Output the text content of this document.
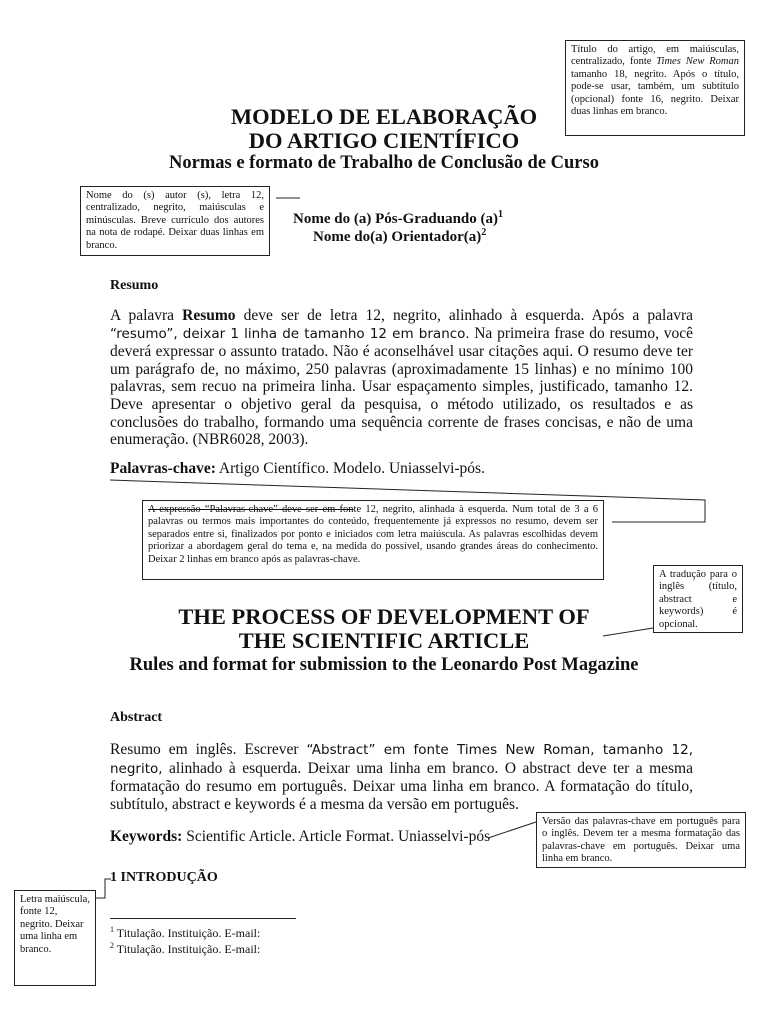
Título do artigo, em maiúsculas, centralizado, fonte Times New Roman tamanho 18, negrito. Após o título, pode-se usar, também, um subtítulo (opcional) fonte 16, negrito. Deixar duas linhas em branco.
MODELO DE ELABORAÇÃO
DO ARTIGO CIENTÍFICO
Normas e formato de Trabalho de Conclusão de Curso
Nome do (s) autor (s), letra 12, centralizado, negrito, maiúsculas e minúsculas. Breve currículo dos autores na nota de rodapé. Deixar duas linhas em branco.
Nome do (a) Pós-Graduando $(a)^1$
Nome do(a) $Orientador(a)^2$
Resumo
A palavra Resumo deve ser de letra 12, negrito, alinhado à esquerda. Após a palavra “resumo”, deixar 1 linha de tamanho 12 em branco. Na primeira frase do resumo, você deverá expressar o assunto tratado. Não é aconselhável usar citações aqui. O resumo deve ter um parágrafo de, no máximo, 250 palavras (aproximadamente 15 linhas) e no mínimo 100 palavras, sem recuo na primeira linha. Usar espaçamento simples, justificado, tamanho 12. Deve apresentar o objetivo geral da pesquisa, o método utilizado, os resultados e as conclusões do trabalho, formando uma sequência corrente de frases concisas, e não de uma enumeração. (NBR6028, 2003).
Palavras-chave: Artigo Científico. Modelo. Uniasselvi-pós.
A expressão “Palavras-chave” deve ser em fonte 12, negrito, alinhada à esquerda. Num total de 3 a 6 palavras ou termos mais importantes do conteúdo, frequentemente já expressos no resumo, devem ser separados entre si, finalizados por ponto e iniciados com letra maiúscula. As palavras escolhidas devem priorizar a abordagem geral do tema e, na medida do possível, usando grandes áreas do conhecimento. Deixar 2 linhas em branco após as palavras-chave.
A tradução para o inglês (título, abstract e keywords) é opcional.
THE PROCESS OF DEVELOPMENT OF
THE SCIENTIFIC ARTICLE
Rules and format for submission to the Leonardo Post Magazine
Abstract
Resumo em inglês. Escrever “Abstract” em fonte Times New Roman, tamanho 12, negrito, alinhado à esquerda. Deixar uma linha em branco. O abstract deve ter a mesma formatação do resumo em português. Deixar uma linha em branco. A formatação do título, subtítulo, abstract e keywords é a mesma da versão em português.
Versão das palavras-chave em português para o inglês. Devem ter a mesma formatação das palavras-chave em português. Deixar uma linha em branco.
Keywords: Scientific Article. Article Format. Uniasselvi-pós
1 INTRODUÇÃO
Letra maiúscula, fonte 12, negrito. Deixar uma linha em branco.
$^1$ Titulação. Instituição. E-mail:
$^2$ Titulação. Instituição. E-mail:
